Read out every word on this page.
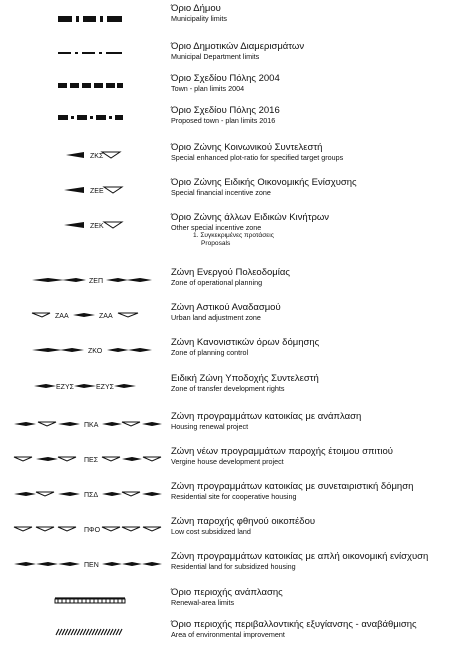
Όριο Δήμου
Municipality limits
Όριο Δημοτικών Διαμερισμάτων
Municipal Department limits
Όριο Σχεδίου Πόλης 2004
Town - plan limits 2004
Όριο Σχεδίου Πόλης 2016
Proposed town - plan limits 2016
ΖΚΣ
Όριο Ζώνης Κοινωνικού Συντελεστή
Special enhanced plot-ratio for specified target groups
ΖΕΕ
Όριο Ζώνης Ειδικής Οικονομικής Ενίσχυσης
Special financial incentive zone
ΖΕΚ
Όριο Ζώνης άλλων Ειδικών Κινήτρων
Other special incentive zone
1. Συγκεκριμένες προτάσεις
Proposals
ΖΕΠ
Ζώνη Ενεργού Πολεοδομίας
Zone of operational planning
ΖΑΑ	ΖΑΑ
Ζώνη Αστικού Αναδασμού
Urban land adjustment zone
ΖΚΟ
Ζώνη Κανονιστικών όρων δόμησης
Zone of planning control
ΕΖΥΣ	ΕΖΥΣ
Ειδική Ζώνη Υποδοχής Συντελεστή
Zone of transfer development rights
ΠΚΑ
Ζώνη προγραμμάτων κατοικίας με ανάπλαση
Housing renewal project
ΠΕΣ
Ζώνη νέων προγραμμάτων παροχής έτοιμου σπιτιού
Vergine house development project
ΠΣΔ
Ζώνη προγραμμάτων κατοικίας με συνεταιριστική δόμηση
Residential site for cooperative housing
ΠΦΟ
Ζώνη παροχής φθηνού οικοπέδου
Low cost subsidized land
ΠΕΝ
Ζώνη προγραμμάτων κατοικίας με απλή οικονομική ενίσχυση
Residential land for subsidized housing
Όριο περιοχής ανάπλασης
Renewal-area limits
Όριο περιοχής περιβαλλοντικής εξυγίανσης - αναβάθμισης
Area of environmental improvement
